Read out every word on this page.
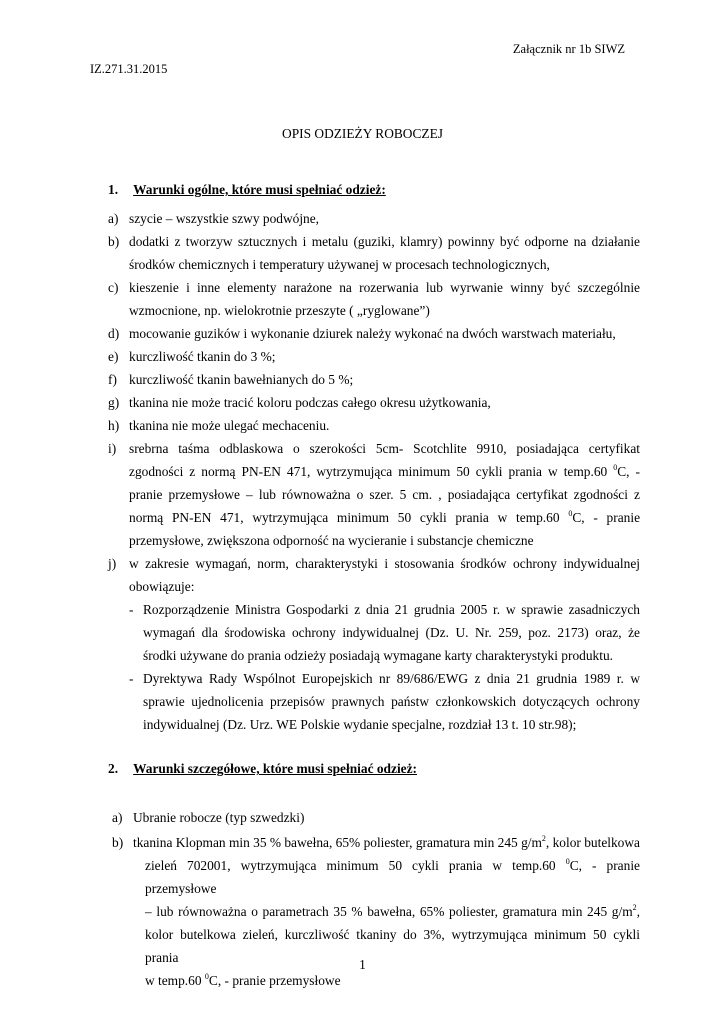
Załącznik nr 1b SIWZ
IZ.271.31.2015
OPIS ODZIEŻY ROBOCZEJ
1. Warunki ogólne, które musi spełniać odzież:
a) szycie – wszystkie szwy podwójne,
b) dodatki z tworzyw sztucznych i metalu (guziki, klamry) powinny być odporne na działanie
środków chemicznych i temperatury używanej w procesach technologicznych,
c) kieszenie i inne elementy narażone na rozerwania lub wyrwanie winny być szczególnie
wzmocnione, np. wielokrotnie przeszyte ( „ryglowane”)
d) mocowanie guzików i wykonanie dziurek należy wykonać na dwóch warstwach materiału,
e) kurczliwość tkanin do 3 %;
f) kurczliwość tkanin bawełnianych do 5 %;
g) tkanina nie może tracić koloru podczas całego okresu użytkowania,
h) tkanina nie może ulegać mechaceniu.
i) srebrna taśma odblaskowa o szerokości 5cm- Scotchlite 9910, posiadająca certyfikat
zgodności z normą PN-EN 471, wytrzymująca minimum 50 cykli prania w temp.60 $^0$C, -
pranie przemysłowe – lub równoważna o szer. 5 cm. , posiadająca certyfikat zgodności z
normą PN-EN 471, wytrzymująca minimum 50 cykli prania w temp.60 $^0$C, - pranie
przemysłowe, zwiększona odporność na wycieranie i substancje chemiczne
j) w zakresie wymagań, norm, charakterystyki i stosowania środków ochrony indywidualnej
obowiązuje:
- Rozporządzenie Ministra Gospodarki z dnia 21 grudnia 2005 r. w sprawie zasadniczych
wymagań dla środowiska ochrony indywidualnej (Dz. U. Nr. 259, poz. 2173) oraz, że
środki używane do prania odzieży posiadają wymagane karty charakterystyki produktu.
- Dyrektywa Rady Wspólnot Europejskich nr 89/686/EWG z dnia 21 grudnia 1989 r. w
sprawie ujednolicenia przepisów prawnych państw członkowskich dotyczących ochrony
indywidualnej (Dz. Urz. WE Polskie wydanie specjalne, rozdział 13 t. 10 str.98);
2. Warunki szczegółowe, które musi spełniać odzież:
a) Ubranie robocze (typ szwedzki)
b) tkanina Klopman min 35 % bawełna, 65% poliester, gramatura min 245 $g/m^2$, kolor butelkowa
zieleń 702001, wytrzymująca minimum 50 cykli prania w temp.60 $^0$C, - pranie przemysłowe
– lub równoważna o parametrach 35 % bawełna, 65% poliester, gramatura min 245 $g/m^2$,
kolor butelkowa zieleń, kurczliwość tkaniny do 3%, wytrzymująca minimum 50 cykli prania
w temp.60 $^0$C, - pranie przemysłowe
1
